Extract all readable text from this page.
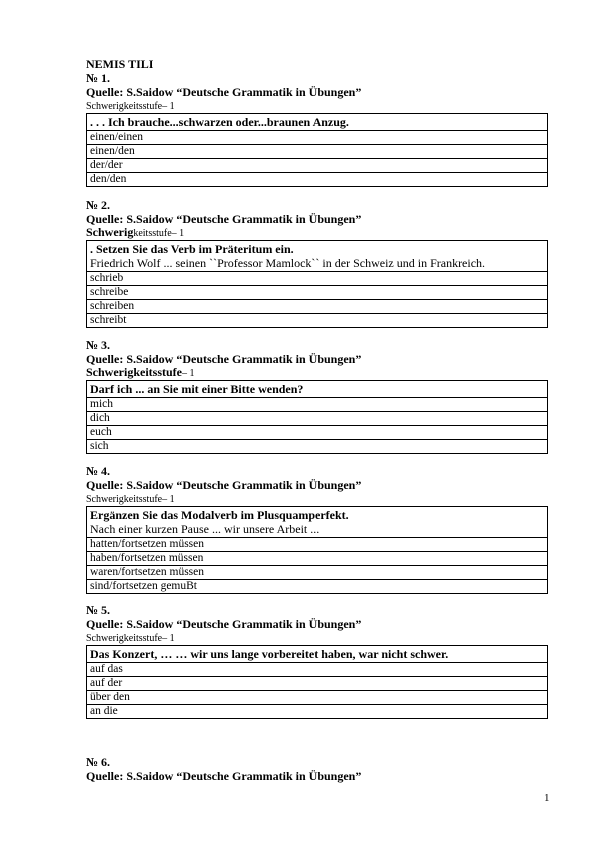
NEMIS TILI
№ 1.
Quelle: S.Saidow “Deutsche Grammatik in Übungen”
Schwerigkeitsstufe– 1
. . . Ich brauche...schwarzen oder...braunen Anzug.
einen/einen
einen/den
der/der
den/den
№ 2.
Quelle: S.Saidow “Deutsche Grammatik in Übungen”
Schwerigkeitsstufe– 1
. Setzen Sie das Verb im Präteritum ein.
Friedrich Wolf ... seinen ``Professor Mamlock`` in der Schweiz und in Frankreich.
schrieb
schreibe
schreiben
schreibt
№ 3.
Quelle: S.Saidow “Deutsche Grammatik in Übungen”
Schwerigkeitsstufe– 1
Darf ich ... an Sie mit einer Bitte wenden?
mich
dich
euch
sich
№ 4.
Quelle: S.Saidow “Deutsche Grammatik in Übungen”
Schwerigkeitsstufe– 1
Ergänzen Sie das Modalverb im Plusquamperfekt.
Nach einer kurzen Pause ... wir unsere Arbeit ...
hatten/fortsetzen müssen
haben/fortsetzen müssen
waren/fortsetzen müssen
sind/fortsetzen gemuBt
№ 5.
Quelle: S.Saidow “Deutsche Grammatik in Übungen”
Schwerigkeitsstufe– 1
Das Konzert, … … wir uns lange vorbereitet haben, war nicht schwer.
auf das
auf der
über den
an die
№ 6.
Quelle: S.Saidow “Deutsche Grammatik in Übungen”
1
